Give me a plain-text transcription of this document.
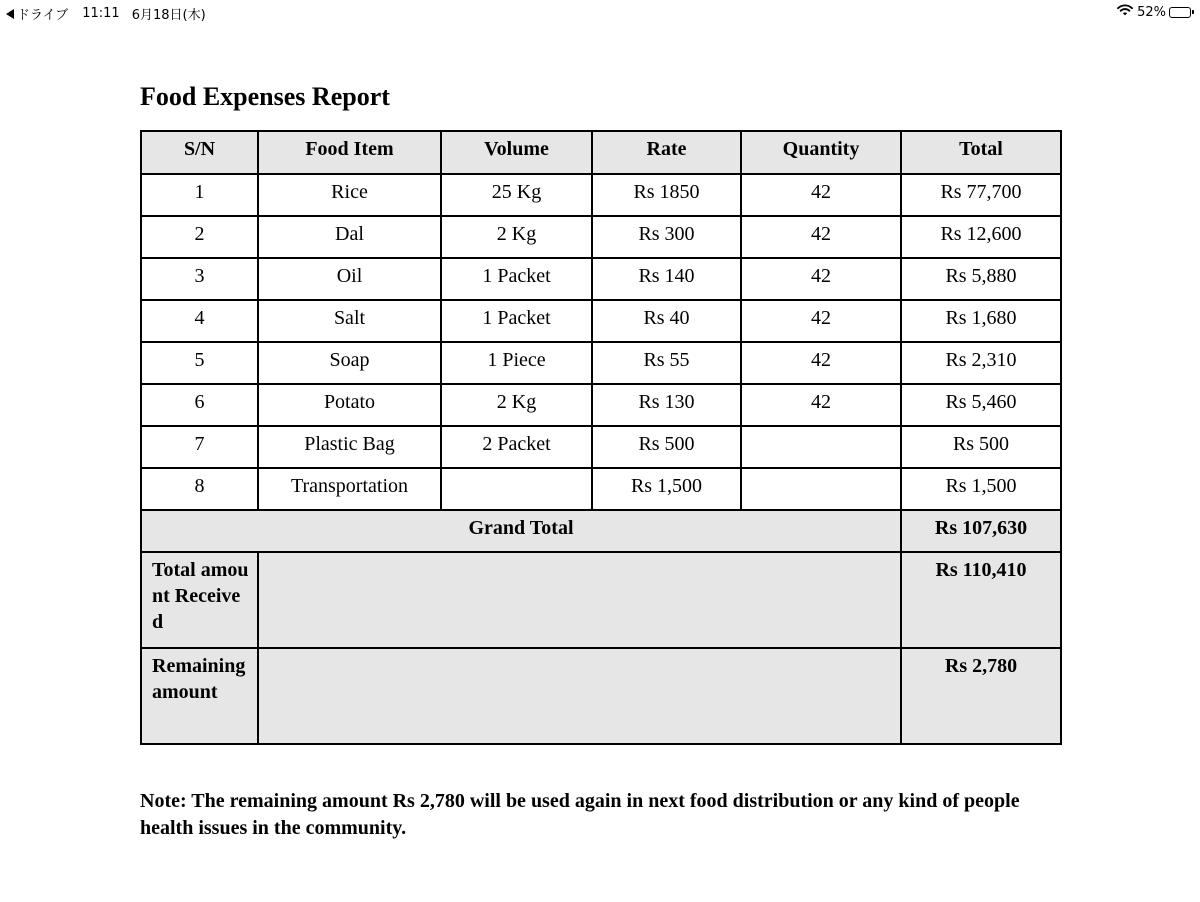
ドライブ 11:11 6月18日(木)	52%
Food Expenses Report
S/N	Food Item	Volume	Rate	Quantity	Total
1	Rice	25 Kg	Rs 1850	42	Rs 77,700
2	Dal	2 Kg	Rs 300	42	Rs 12,600
3	Oil	1 Packet	Rs 140	42	Rs 5,880
4	Salt	1 Packet	Rs 40	42	Rs 1,680
5	Soap	1 Piece	Rs 55	42	Rs 2,310
6	Potato	2 Kg	Rs 130	42	Rs 5,460
7	Plastic Bag	2 Packet	Rs 500		Rs 500
8	Transportation		Rs 1,500		Rs 1,500
Grand Total					Rs 107,630
Total amount Received					Rs 110,410
Remaining amount					Rs 2,780

Note: The remaining amount Rs 2,780 will be used again in next food distribution or any kind of people health issues in the community.
